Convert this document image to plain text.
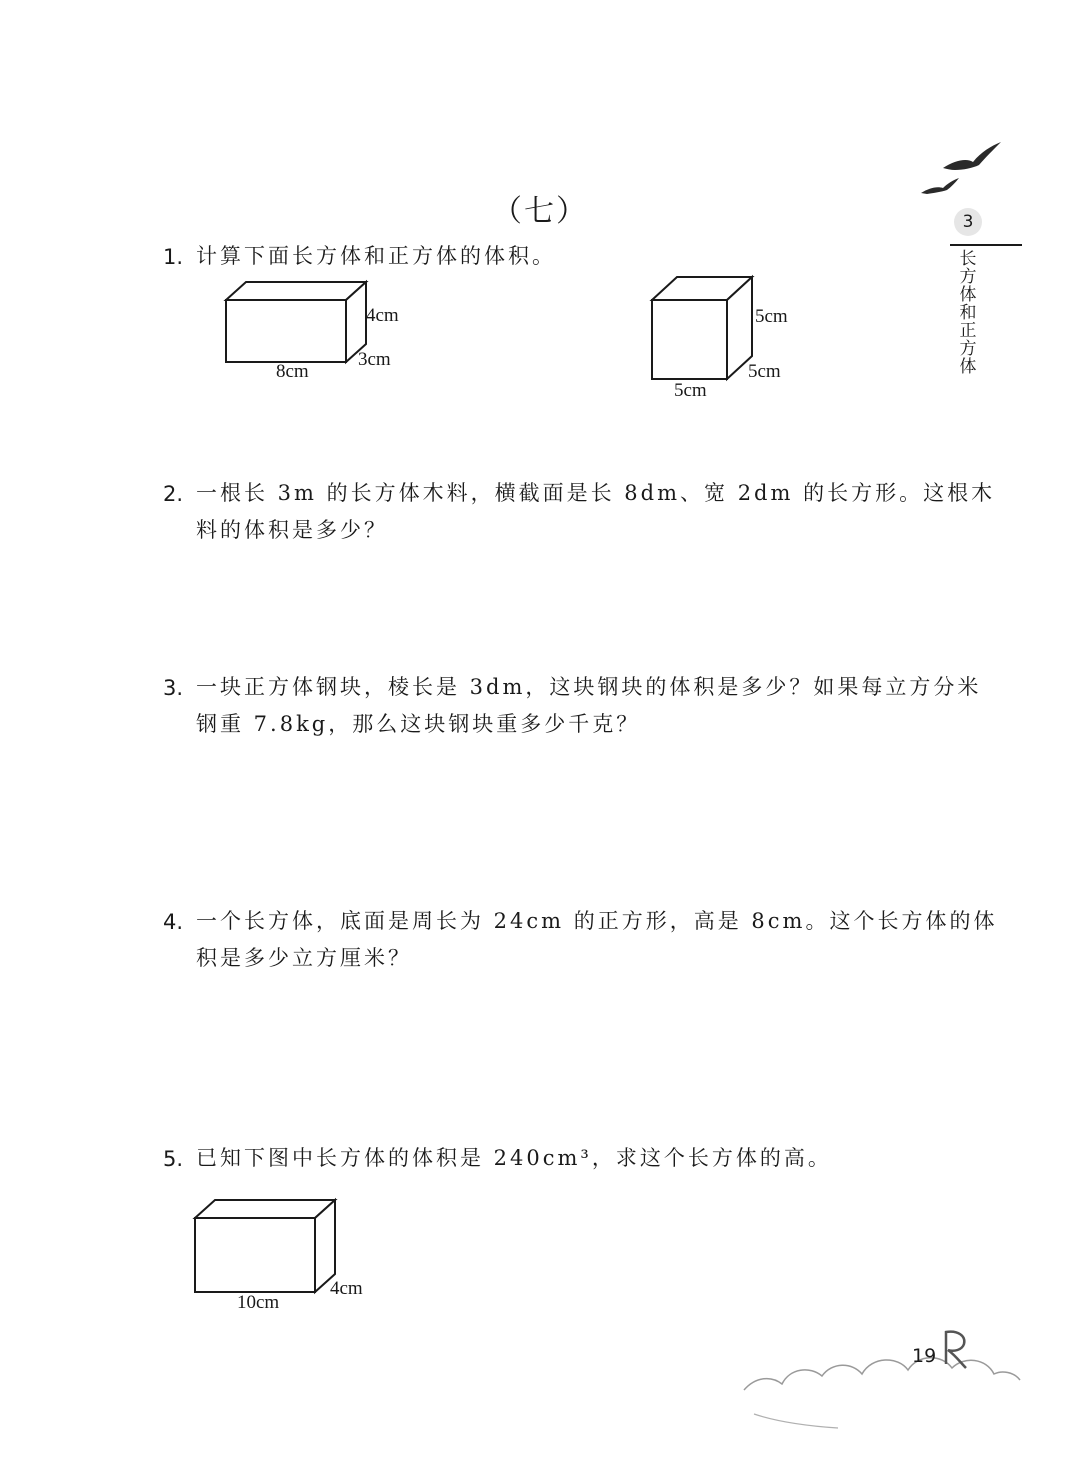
（七）	3
长方体和正方体
1. 计算下面长方体和正方体的体积。
4cm
3cm
8cm
5cm
5cm
5cm
2. 一根长 3m 的长方体木料，横截面是长 8dm、宽 2dm 的长方形。这根木
料的体积是多少？
3. 一块正方体钢块，棱长是 3dm，这块钢块的体积是多少？如果每立方分米
钢重 7.8kg，那么这块钢块重多少千克？
4. 一个长方体，底面是周长为 24cm 的正方形，高是 8cm。这个长方体的体
积是多少立方厘米？
5. 已知下图中长方体的体积是 240cm³，求这个长方体的高。
4cm
10cm
19
